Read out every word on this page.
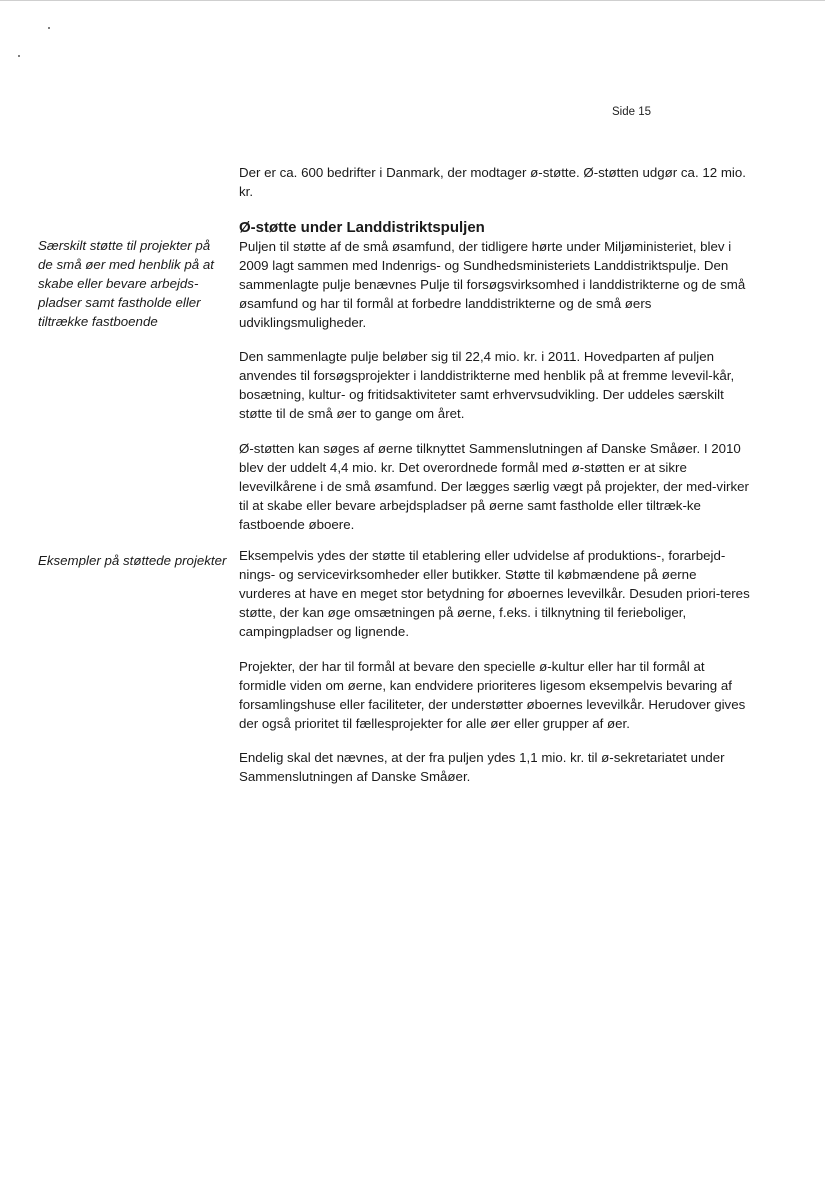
Side 15
Særskilt støtte til projekter på de små øer med henblik på at skabe eller bevare arbejds-pladser samt fastholde eller tiltrække fastboende
Eksempler på støttede projekter

Der er ca. 600 bedrifter i Danmark, der modtager ø-støtte. Ø-støtten udgør ca. 12 mio. kr.

Ø-støtte under Landdistriktspuljen

Puljen til støtte af de små øsamfund, der tidligere hørte under Miljøministeriet, blev i 2009 lagt sammen med Indenrigs- og Sundhedsministeriets Landdistriktspulje. Den sammenlagte pulje benævnes Pulje til forsøgsvirksomhed i landdistrikterne og de små øsamfund og har til formål at forbedre landdistrikterne og de små øers udviklingsmuligheder.

Den sammenlagte pulje beløber sig til 22,4 mio. kr. i 2011. Hovedparten af puljen anvendes til forsøgsprojekter i landdistrikterne med henblik på at fremme levevil-kår, bosætning, kultur- og fritidsaktiviteter samt erhvervsudvikling. Der uddeles særskilt støtte til de små øer to gange om året.

Ø-støtten kan søges af øerne tilknyttet Sammenslutningen af Danske Småøer. I 2010 blev der uddelt 4,4 mio. kr. Det overordnede formål med ø-støtten er at sikre levevilkårene i de små øsamfund. Der lægges særlig vægt på projekter, der med-virker til at skabe eller bevare arbejdspladser på øerne samt fastholde eller tiltræk-ke fastboende øboere.

Eksempelvis ydes der støtte til etablering eller udvidelse af produktions-, forarbejd-nings- og servicevirksomheder eller butikker. Støtte til købmændene på øerne vurderes at have en meget stor betydning for øboernes levevilkår. Desuden priori-teres støtte, der kan øge omsætningen på øerne, f.eks. i tilknytning til ferieboliger, campingpladser og lignende.

Projekter, der har til formål at bevare den specielle ø-kultur eller har til formål at formidle viden om øerne, kan endvidere prioriteres ligesom eksempelvis bevaring af forsamlingshuse eller faciliteter, der understøtter øboernes levevilkår. Herudover gives der også prioritet til fællesprojekter for alle øer eller grupper af øer.

Endelig skal det nævnes, at der fra puljen ydes 1,1 mio. kr. til ø-sekretariatet under Sammenslutningen af Danske Småøer.
